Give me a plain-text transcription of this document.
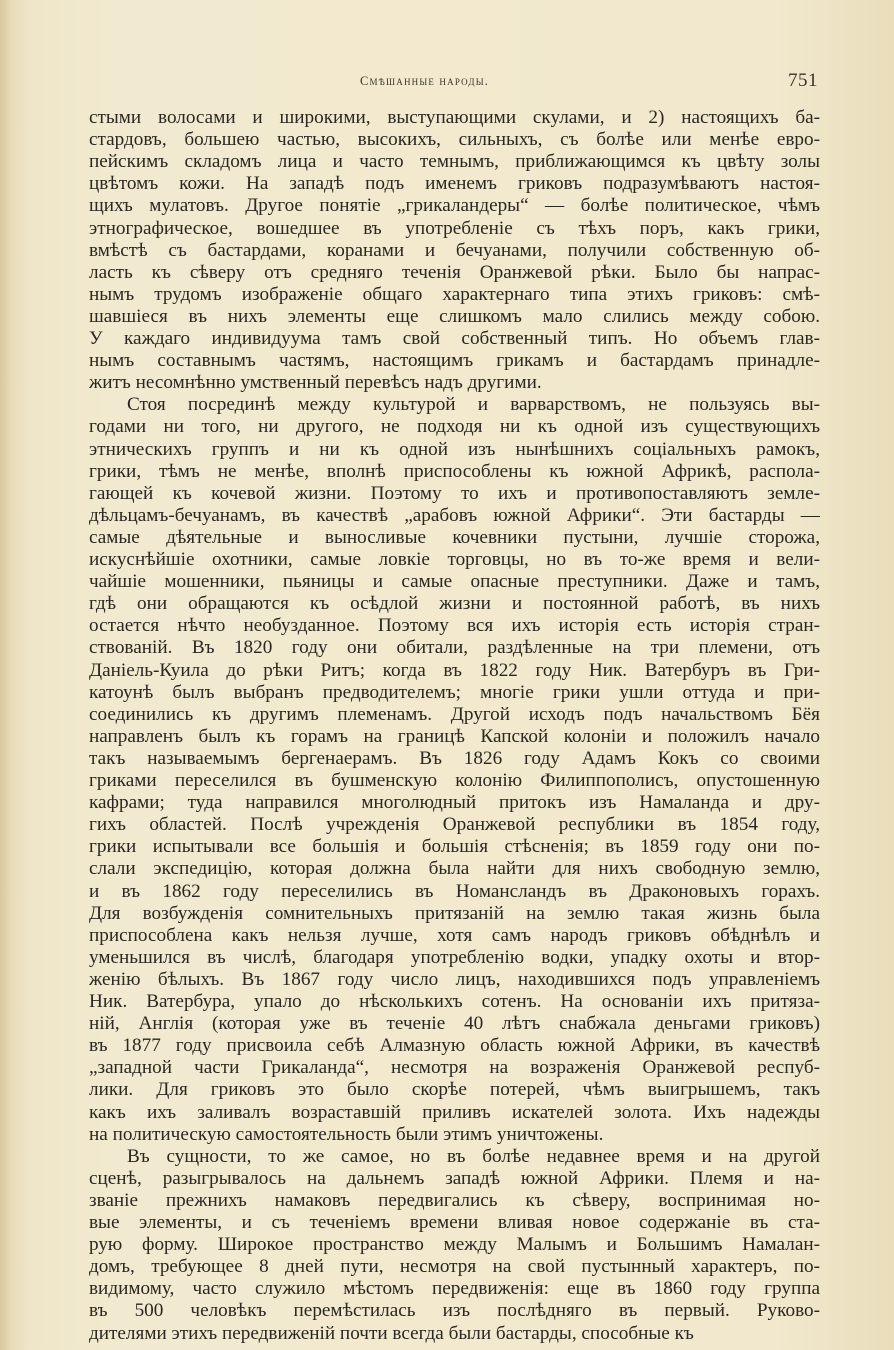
Смѣшанные народы.	751
стыми волосами и широкими, выступающими скулами, и 2) настоящихъ ба-
стардовъ, большею частью, высокихъ, сильныхъ, съ болѣе или менѣе евро-
пейскимъ складомъ лица и часто темнымъ, приближающимся къ цвѣту золы
цвѣтомъ кожи. На западѣ подъ именемъ гриковъ подразумѣваютъ настоя-
щихъ мулатовъ. Другое понятіе „грикаландеры“ — болѣе политическое, чѣмъ
этнографическое, вошедшее въ употребленіе съ тѣхъ поръ, какъ грики,
вмѣстѣ съ бастардами, коранами и бечуанами, получили собственную об-
ласть къ сѣверу отъ средняго теченія Оранжевой рѣки. Было бы напрас-
нымъ трудомъ изображеніе общаго характернаго типа этихъ гриковъ: смѣ-
шавшіеся въ нихъ элементы еще слишкомъ мало слились между собою.
У каждаго индивидуума тамъ свой собственный типъ. Но объемъ глав-
нымъ составнымъ частямъ, настоящимъ грикамъ и бастардамъ принадле-
житъ несомнѣнно умственный перевѣсъ надъ другими.
Стоя посрединѣ между культурой и варварствомъ, не пользуясь вы-
годами ни того, ни другого, не подходя ни къ одной изъ существующихъ
этническихъ группъ и ни къ одной изъ нынѣшнихъ соціальныхъ рамокъ,
грики, тѣмъ не менѣе, вполнѣ приспособлены къ южной Африкѣ, распола-
гающей къ кочевой жизни. Поэтому то ихъ и противопоставляютъ земле-
дѣльцамъ-бечуанамъ, въ качествѣ „арабовъ южной Африки“. Эти бастарды —
самые дѣятельные и выносливые кочевники пустыни, лучшіе сторожа,
искуснѣйшіе охотники, самые ловкіе торговцы, но въ то-же время и вели-
чайшіе мошенники, пьяницы и самые опасные преступники. Даже и тамъ,
гдѣ они обращаются къ осѣдлой жизни и постоянной работѣ, въ нихъ
остается нѣчто необузданное. Поэтому вся ихъ исторія есть исторія стран-
ствованій. Въ 1820 году они обитали, раздѣленные на три племени, отъ
Даніель-Куила до рѣки Ритъ; когда въ 1822 году Ник. Ватербуръ въ Гри-
катоунѣ былъ выбранъ предводителемъ; многіе грики ушли оттуда и при-
соединились къ другимъ племенамъ. Другой исходъ подъ начальствомъ Бёя
направленъ былъ къ горамъ на границѣ Капской колоніи и положилъ начало
такъ называемымъ бергенаерамъ. Въ 1826 году Адамъ Кокъ со своими
гриками переселился въ бушменскую колонію Филиппополисъ, опустошенную
кафрами; туда направился многолюдный притокъ изъ Намаланда и дру-
гихъ областей. Послѣ учрежденія Оранжевой республики въ 1854 году,
грики испытывали все большія и большія стѣсненія; въ 1859 году они по-
слали экспедицію, которая должна была найти для нихъ свободную землю,
и въ 1862 году переселились въ Номансландъ въ Драконовыхъ горахъ.
Для возбужденія сомнительныхъ притязаній на землю такая жизнь была
приспособлена какъ нельзя лучше, хотя самъ народъ гриковъ обѣднѣлъ и
уменьшился въ числѣ, благодаря употребленію водки, упадку охоты и втор-
женію бѣлыхъ. Въ 1867 году число лицъ, находившихся подъ управленіемъ
Ник. Ватербура, упало до нѣсколькихъ сотенъ. На основаніи ихъ притяза-
ній, Англія (которая уже въ теченіе 40 лѣтъ снабжала деньгами гриковъ)
въ 1877 году присвоила себѣ Алмазную область южной Африки, въ качествѣ
„западной части Грикаланда“, несмотря на возраженія Оранжевой респуб-
лики. Для гриковъ это было скорѣе потерей, чѣмъ выигрышемъ, такъ
какъ ихъ заливалъ возраставшій приливъ искателей золота. Ихъ надежды
на политическую самостоятельность были этимъ уничтожены.
Въ сущности, то же самое, но въ болѣе недавнее время и на другой
сценѣ, разыгрывалось на дальнемъ западѣ южной Африки. Племя и на-
званіе прежнихъ намаковъ передвигались къ сѣверу, воспринимая но-
вые элементы, и съ теченіемъ времени вливая новое содержаніе въ ста-
рую форму. Широкое пространство между Малымъ и Большимъ Намалан-
домъ, требующее 8 дней пути, несмотря на свой пустынный характеръ, по-
видимому, часто служило мѣстомъ передвиженія: еще въ 1860 году группа
въ 500 человѣкъ перемѣстилась изъ послѣдняго въ первый. Руково-
дителями этихъ передвиженій почти всегда были бастарды, способные къ
